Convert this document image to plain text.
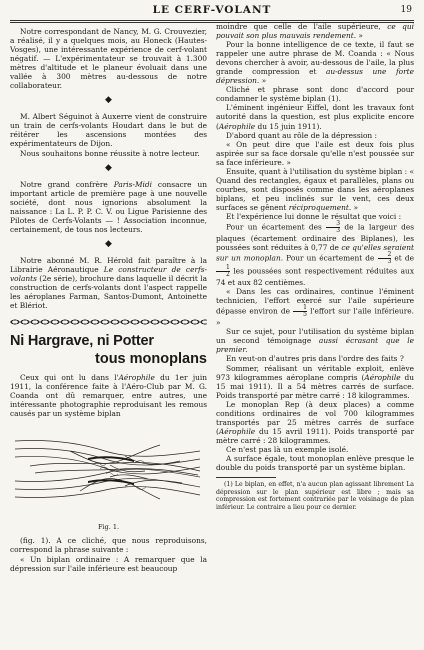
LE CERF-VOLANT	19

Notre correspondant de Nancy, M. G. Crouvezier, a réalisé, il y a quelques mois, au Honeck (Hautes-Vosges), une intéressante expérience de cerf-volant négatif. — L'expérimentateur se trouvait à 1.300 mètres d'altitude et le planeur évoluait dans une vallée à 300 mètres au-dessous de notre collaborateur.

◆

M. Albert Séguinot à Auxerre vient de construire un train de cerfs-volants Houdart dans le but de réitérer les ascensions montées des expérimentateurs de Dijon.

Nous souhaitons bonne réussite à notre lecteur.

◆

Notre grand confrère Paris-Midi consacre un important article de première page à une nouvelle société, dont nous ignorions absolument la naissance : La L. P. P. C. V. ou Ligue Parisienne des Pilotes de Cerfs-Volants — ! Association inconnue, certainement, de tous nos lecteurs.

◆

Notre abonné M. R. Hérold fait paraître à la Librairie Aéronautique Le constructeur de cerfs-volants (2e série), brochure dans laquelle il décrit la construction de cerfs-volants dont l'aspect rappelle les aéroplanes Farman, Santos-Dumont, Antoinette et Blériot.

Ni Hargrave, ni Potter
tous monoplans

Ceux qui ont lu dans l'Aérophile du 1er juin 1911, la conférence faite à l'Aéro-Club par M. G. Coanda ont dû remarquer, entre autres, une intéressante photographie reproduisant les remous causés par un système biplan

Fig. 1.

(fig. 1). A ce cliché, que nous reproduisons, correspond la phrase suivante :

« Un biplan ordinaire : A remarquer que la dépression sur l'aile inférieure est beaucoup

moindre que celle de l'aile supérieure, ce qui pouvait son plus mauvais rendement. »

Pour la bonne intelligence de ce texte, il faut se rappeler une autre phrase de M. Coanda : « Nous devons chercher à avoir, au-dessous de l'aile, la plus grande compression et au-dessus une forte dépression. »

Cliché et phrase sont donc d'accord pour condamner le système biplan (1).

L'éminent ingénieur Eiffel, dont les travaux font autorité dans la question, est plus explicite encore (Aérophile du 15 juin 1911).

D'abord quant au rôle de la dépression :

« On peut dire que l'aile est deux fois plus aspirée sur sa face dorsale qu'elle n'est poussée sur sa face inférieure. »

Ensuite, quant à l'utilisation du système biplan : « Quand des rectangles, égaux et parallèles, plans ou courbes, sont disposés comme dans les aéroplanes biplans, et peu inclinés sur le vent, ces deux surfaces se gênent réciproquement. »

Et l'expérience lui donne le résultat que voici :

Pour un écartement des $\frac{3}{3}$ de la largeur des plaques (écartement ordinaire des Biplanes), les poussées sont réduites à 0,77 de ce qu'elles seraient sur un monoplan. Pour un écartement de $\frac{2}{3}$ et de
$\frac{1}{2}$ les poussées sont respectivement réduites aux 74 et aux 82 centièmes.

« Dans les cas ordinaires, continue l'éminent technicien, l'effort exercé sur l'aile supérieure dépasse environ de $\frac{1}{5}$ l'effort sur l'aile inférieure. »

Sur ce sujet, pour l'utilisation du système biplan un second témoignage aussi écrasant que le premier.

En veut-on d'autres pris dans l'ordre des faits ?

Sommer, réalisant un véritable exploit, enlève 973 kilogrammes aéroplane compris (Aérophile du 15 mai 1911). Il a 54 mètres carrés de surface. Poids transporté par mètre carré : 18 kilogrammes.

Le monoplan Rep (à deux places) a comme conditions ordinaires de vol 700 kilogrammes transportés par 25 mètres carrés de surface (Aérophile du 15 avril 1911). Poids transporté par mètre carré : 28 kilogrammes.

Ce n'est pas là un exemple isolé.

A surface égale, tout monoplan enlève presque le double du poids transporté par un système biplan.

(1) Le biplan, en effet, n'a aucun plan agissant librement La dépression sur le plan supérieur est libre ; mais sa compression est fortement contrariée par le voisinage de plan inférieur. Le contraire a lieu pour ce dernier.
